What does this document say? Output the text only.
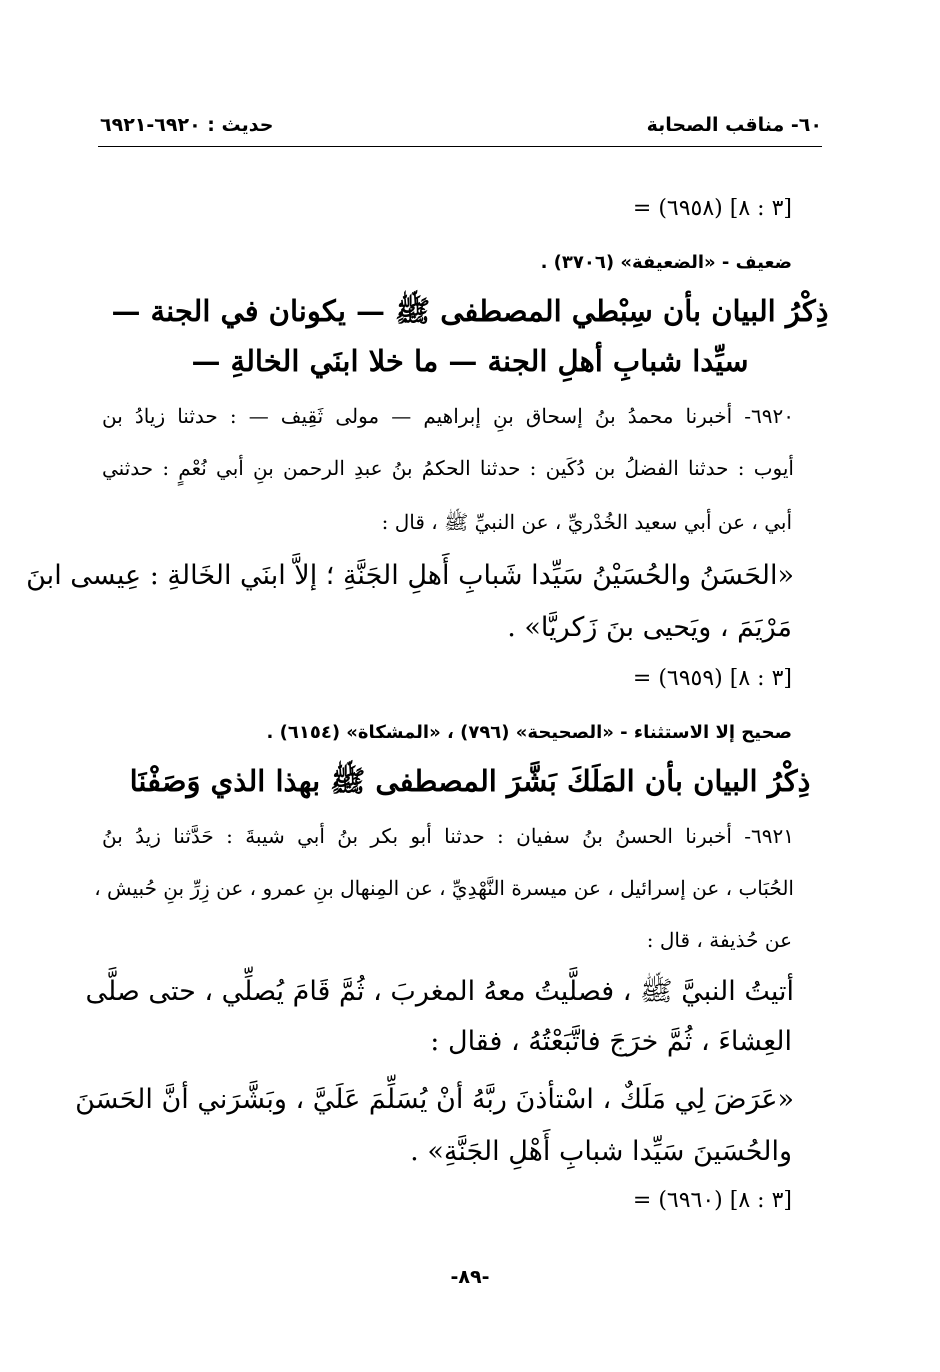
٦٠- مناقب الصحابة
حديث : ٦٩٢٠-٦٩٢١
= (٦٩٥٨) [٣ : ٨]
ضعيف - «الضعيفة» (٣٧٠٦) .
ذِكْرُ البيان بأن سِبْطي المصطفى ﷺ — يكونان في الجنة —
سيِّدا شبابِ أهلِ الجنة — ما خلا ابنَي الخالةِ —
٦٩٢٠- أخبرنا محمدُ بنُ إسحاق بنِ إبراهيم — مولى ثَقِيف — : حدثنا زيادُ بن
أيوب : حدثنا الفضلُ بن دُكَين : حدثنا الحكمُ بنُ عبدِ الرحمن بنِ أبي نُعْمٍ : حدثني
أبي ، عن أبي سعيد الخُدْريِّ ، عن النبيِّ ﷺ ، قال :
«الحَسَنُ والحُسَيْنُ سَيِّدا شَبابِ أَهلِ الجَنَّةِ ؛ إلاَّ ابنَي الخَالةِ : عِيسى ابنَ
مَرْيَمَ ، ويَحيى بنَ زَكريَّا» .
= (٦٩٥٩) [٣ : ٨]
صحيح إلا الاستثناء - «الصحيحة» (٧٩٦) ، «المشكاة» (٦١٥٤) .
ذِكْرُ البيان بأن المَلَكَ بَشَّرَ المصطفى ﷺ بهذا الذي وَصَفْنَا
٦٩٢١- أخبرنا الحسنُ بنُ سفيان : حدثنا أبو بكر بنُ أبي شيبةَ : حَدَّثنا زيدُ بنُ
الحُبَاب ، عن إسرائيل ، عن ميسرة النَّهْدِيِّ ، عن المِنهال بنِ عمرو ، عن زِرِّ بنِ حُبيش ،
عن حُذيفة ، قال :
أتيتُ النبيَّ ﷺ ، فصلَّيتُ معهُ المغربَ ، ثُمَّ قَامَ يُصلِّي ، حتى صلَّى
العِشاءَ ، ثُمَّ خرَجَ فاتَّبَعْتُهُ ، فقال :
«عَرَضَ لِي مَلَكٌ ، اسْتأذنَ ربَّهُ أنْ يُسَلِّمَ عَلَيَّ ، وبَشَّرَني أنَّ الحَسَنَ
والحُسَينَ سَيِّدا شبابِ أَهْلِ الجَنَّةِ» .
= (٦٩٦٠) [٣ : ٨]
-٨٩-
